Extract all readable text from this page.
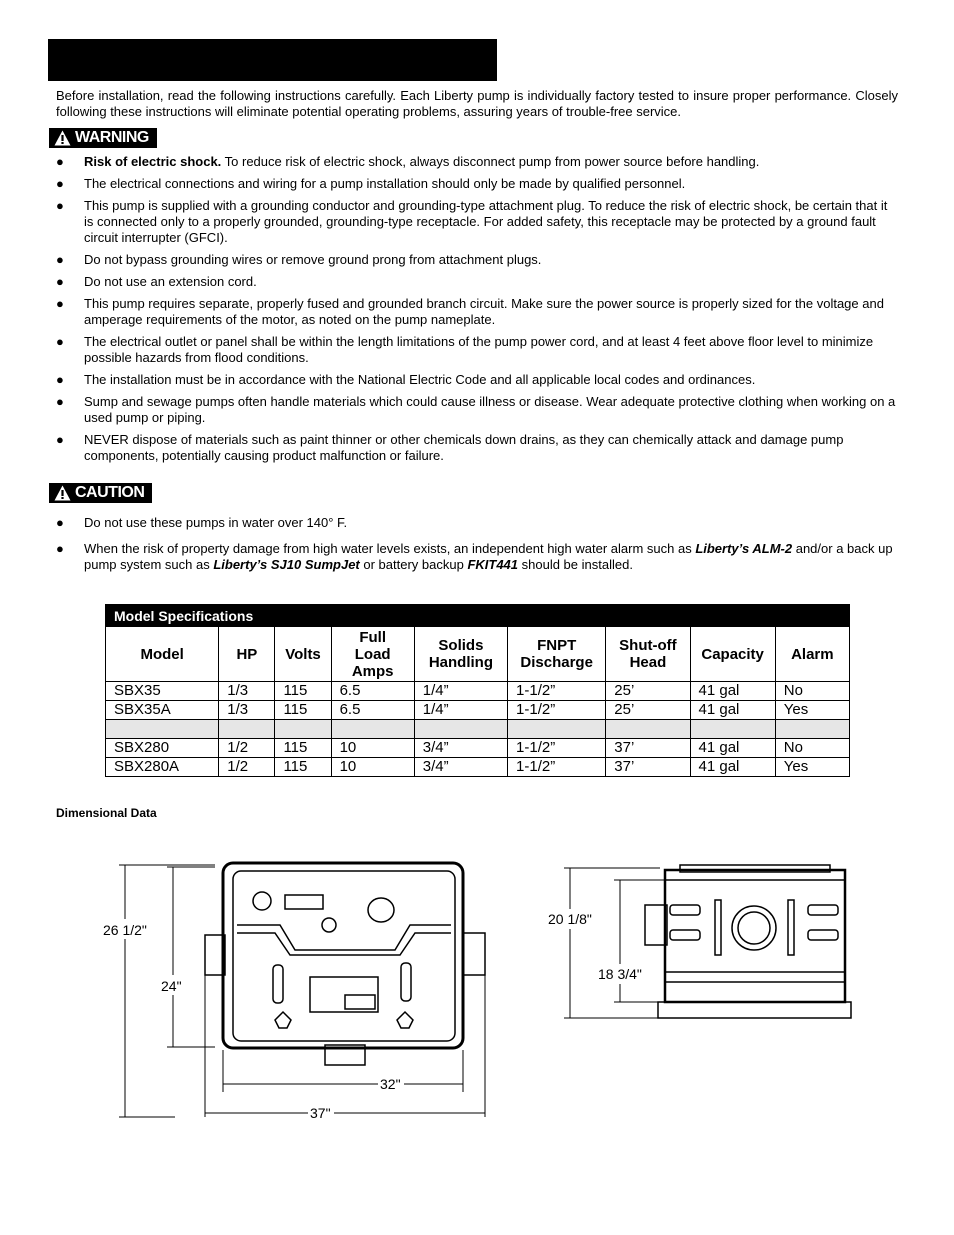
Before installation, read the following instructions carefully. Each Liberty pump is individually factory tested to insure proper performance. Closely following these instructions will eliminate potential operating problems, assuring years of trouble-free service.
WARNING
● Risk of electric shock. To reduce risk of electric shock, always disconnect pump from power source before handling.
● The electrical connections and wiring for a pump installation should only be made by qualified personnel.
● This pump is supplied with a grounding conductor and grounding-type attachment plug. To reduce the risk of electric shock, be certain that it is connected only to a properly grounded, grounding-type receptacle. For added safety, this receptacle may be protected by a ground fault circuit interrupter (GFCI).
● Do not bypass grounding wires or remove ground prong from attachment plugs.
● Do not use an extension cord.
● This pump requires separate, properly fused and grounded branch circuit. Make sure the power source is properly sized for the voltage and amperage requirements of the motor, as noted on the pump nameplate.
● The electrical outlet or panel shall be within the length limitations of the pump power cord, and at least 4 feet above floor level to minimize possible hazards from flood conditions.
● The installation must be in accordance with the National Electric Code and all applicable local codes and ordinances.
● Sump and sewage pumps often handle materials which could cause illness or disease. Wear adequate protective clothing when working on a used pump or piping.
● NEVER dispose of materials such as paint thinner or other chemicals down drains, as they can chemically attack and damage pump components, potentially causing product malfunction or failure.
CAUTION
● Do not use these pumps in water over 140° F.
● When the risk of property damage from high water levels exists, an independent high water alarm such as Liberty’s ALM-2 and/or a back up pump system such as Liberty’s SJ10 SumpJet or battery backup FKIT441 should be installed.
Model Specifications								
Model	HP	Volts	Full Load Amps	Solids Handling	FNPT Discharge	Shut-off Head	Capacity	Alarm
SBX35	1/3	115	6.5	1/4”	1-1/2”	25’	41 gal	No
SBX35A	1/3	115	6.5	1/4”	1-1/2”	25’	41 gal	Yes

SBX280	1/2	115	10	3/4”	1-1/2”	37’	41 gal	No
SBX280A	1/2	115	10	3/4”	1-1/2”	37’	41 gal	Yes
Dimensional Data
26 1/2"
24"
32"
37"
20 1/8"
18 3/4"
